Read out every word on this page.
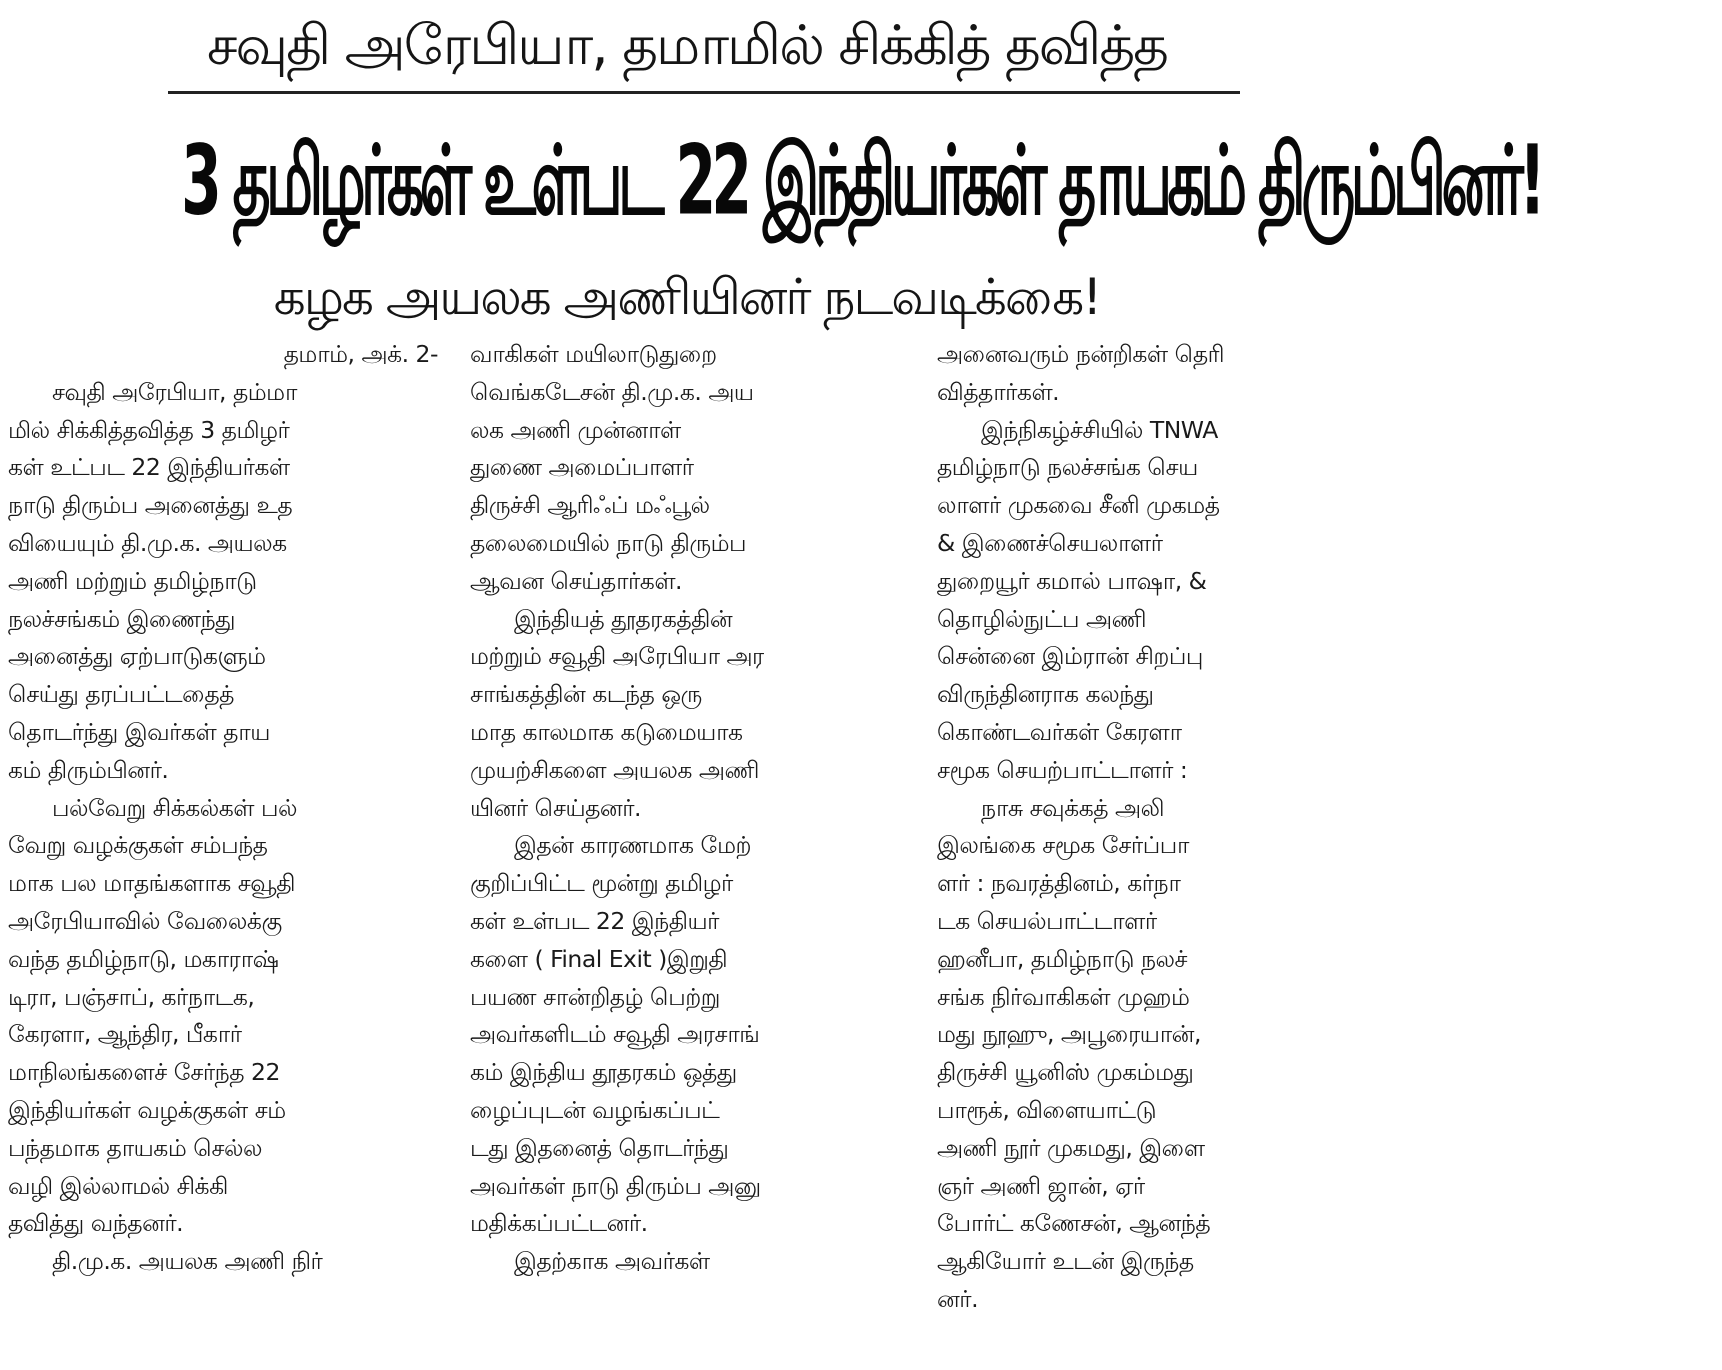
சவுதி அரேபியா, தமாமில் சிக்கித் தவித்த
3 தமிழர்கள் உள்பட 22 இந்தியர்கள் தாயகம் திரும்பினர்!
கழக அயலக அணியினர் நடவடிக்கை!
தமாம், அக். 2-
சவுதி அரேபியா, தம்மா
மில் சிக்கித்தவித்த 3 தமிழர்
கள் உட்பட 22 இந்தியர்கள்
நாடு திரும்ப அனைத்து உத
வியையும் தி.மு.க. அயலக
அணி மற்றும் தமிழ்நாடு
நலச்சங்கம் இணைந்து
அனைத்து ஏற்பாடுகளும்
செய்து தரப்பட்டதைத்
தொடர்ந்து இவர்கள் தாய
கம் திரும்பினர்.
பல்வேறு சிக்கல்கள் பல்
வேறு வழக்குகள் சம்பந்த
மாக பல மாதங்களாக சவூதி
அரேபியாவில் வேலைக்கு
வந்த தமிழ்நாடு, மகாராஷ்
டிரா, பஞ்சாப், கர்நாடக,
கேரளா, ஆந்திர, பீகார்
மாநிலங்களைச் சேர்ந்த 22
இந்தியர்கள் வழக்குகள் சம்
பந்தமாக தாயகம் செல்ல
வழி இல்லாமல் சிக்கி
தவித்து வந்தனர்.
தி.மு.க. அயலக அணி நிர்
வாகிகள் மயிலாடுதுறை
வெங்கடேசன் தி.மு.க. அய
லக அணி முன்னாள்
துணை அமைப்பாளர்
திருச்சி ஆரிஃப் மஃபூல்
தலைமையில் நாடு திரும்ப
ஆவன செய்தார்கள்.
இந்தியத் தூதரகத்தின்
மற்றும் சவூதி அரேபியா அர
சாங்கத்தின் கடந்த ஒரு
மாத காலமாக கடுமையாக
முயற்சிகளை அயலக அணி
யினர் செய்தனர்.
இதன் காரணமாக மேற்
குறிப்பிட்ட மூன்று தமிழர்
கள் உள்பட 22 இந்தியர்
களை ( Final Exit )இறுதி
பயண சான்றிதழ் பெற்று
அவர்களிடம் சவூதி அரசாங்
கம் இந்திய தூதரகம் ஒத்து
ழைப்புடன் வழங்கப்பட்
டது இதனைத் தொடர்ந்து
அவர்கள் நாடு திரும்ப அனு
மதிக்கப்பட்டனர்.
இதற்காக அவர்கள்
அனைவரும் நன்றிகள் தெரி
வித்தார்கள்.
இந்நிகழ்ச்சியில் TNWA
தமிழ்நாடு நலச்சங்க செய
லாளர் முகவை சீனி முகமத்
& இணைச்செயலாளர்
துறையூர் கமால் பாஷா, &
தொழில்நுட்ப அணி
சென்னை இம்ரான் சிறப்பு
விருந்தினராக கலந்து
கொண்டவர்கள் கேரளா
சமூக செயற்பாட்டாளர் :
நாசு சவுக்கத் அலி
இலங்கை சமூக சேர்ப்பா
ளர் : நவரத்தினம், கர்நா
டக செயல்பாட்டாளர்
ஹனீபா, தமிழ்நாடு நலச்
சங்க நிர்வாகிகள் முஹம்
மது நூஹு, அபூரையான்,
திருச்சி யூனிஸ் முகம்மது
பாரூக், விளையாட்டு
அணி நூர் முகமது, இளை
ஞர் அணி ஜான், ஏர்
போர்ட் கணேசன், ஆனந்த்
ஆகியோர் உடன் இருந்த
னர்.
